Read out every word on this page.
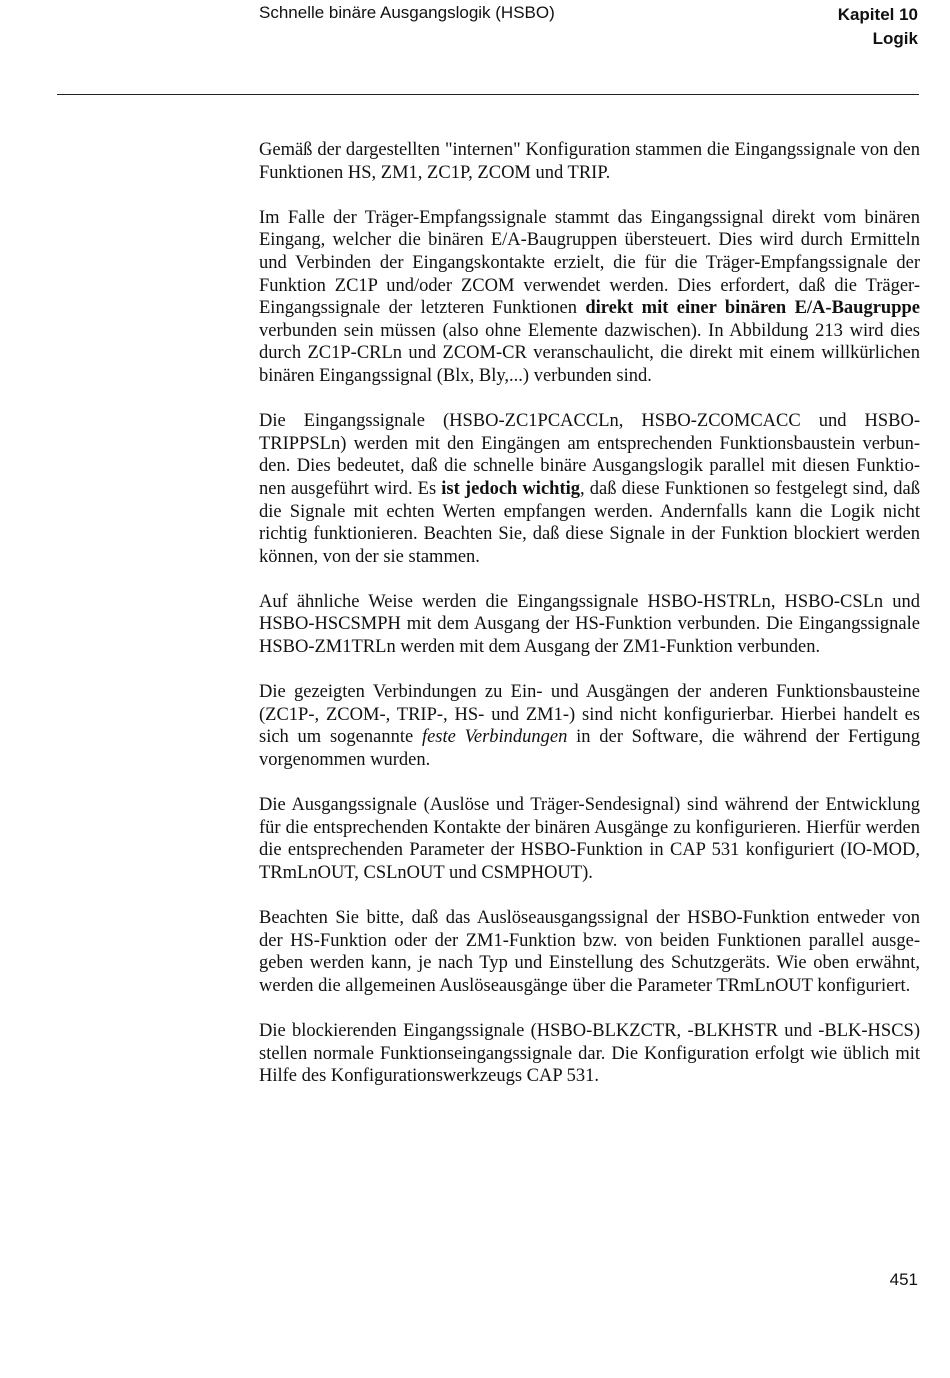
Schnelle binäre Ausgangslogik (HSBO)	Kapitel 10
Logik

Gemäß der dargestellten "internen" Konfiguration stammen die Eingangssignale von den Funktionen HS, ZM1, ZC1P, ZCOM und TRIP.

Im Falle der Träger-Empfangssignale stammt das Eingangssignal direkt vom binären Eingang, welcher die binären E/A-Baugruppen übersteuert. Dies wird durch Ermitteln und Verbinden der Eingangskontakte erzielt, die für die Träger-Empfangssignale der Funktion ZC1P und/oder ZCOM verwendet werden. Dies erfordert, daß die Träger-Eingangssignale der letzteren Funktionen direkt mit einer binären E/A-Baugruppe verbunden sein müssen (also ohne Elemente dazwischen). In Abbildung 213 wird dies durch ZC1P-CRLn und ZCOM-CR veranschaulicht, die direkt mit einem willkürlichen binären Eingangssignal (Blx, Bly,...) verbunden sind.

Die Eingangssignale (HSBO-ZC1PCACCLn, HSBO-ZCOMCACC und HSBO-TRIPPSLn) werden mit den Eingängen am entsprechenden Funktionsbaustein verbunden. Dies bedeutet, daß die schnelle binäre Ausgangslogik parallel mit diesen Funktionen ausgeführt wird. Es ist jedoch wichtig, daß diese Funktionen so festgelegt sind, daß die Signale mit echten Werten empfangen werden. Andernfalls kann die Logik nicht richtig funktionieren. Beachten Sie, daß diese Signale in der Funktion blockiert werden können, von der sie stammen.

Auf ähnliche Weise werden die Eingangssignale HSBO-HSTRLn, HSBO-CSLn und HSBO-HSCSMPH mit dem Ausgang der HS-Funktion verbunden. Die Eingangssignale HSBO-ZM1TRLn werden mit dem Ausgang der ZM1-Funktion verbunden.

Die gezeigten Verbindungen zu Ein- und Ausgängen der anderen Funktionsbausteine (ZC1P-, ZCOM-, TRIP-, HS- und ZM1-) sind nicht konfigurierbar. Hierbei handelt es sich um sogenannte feste Verbindungen in der Software, die während der Fertigung vorgenommen wurden.

Die Ausgangssignale (Auslöse und Träger-Sendesignal) sind während der Entwicklung für die entsprechenden Kontakte der binären Ausgänge zu konfigurieren. Hierfür werden die entsprechenden Parameter der HSBO-Funktion in CAP 531 konfiguriert (IO-MOD, TRmLnOUT, CSLnOUT und CSMPHOUT).

Beachten Sie bitte, daß das Auslöseausgangssignal der HSBO-Funktion entweder von der HS-Funktion oder der ZM1-Funktion bzw. von beiden Funktionen parallel ausgegeben werden kann, je nach Typ und Einstellung des Schutzgeräts. Wie oben erwähnt, werden die allgemeinen Auslöseausgänge über die Parameter TRmLnOUT konfiguriert.

Die blockierenden Eingangssignale (HSBO-BLKZCTR, -BLKHSTR und -BLK-HSCS) stellen normale Funktionseingangssignale dar. Die Konfiguration erfolgt wie üblich mit Hilfe des Konfigurationswerkzeugs CAP 531.

451
